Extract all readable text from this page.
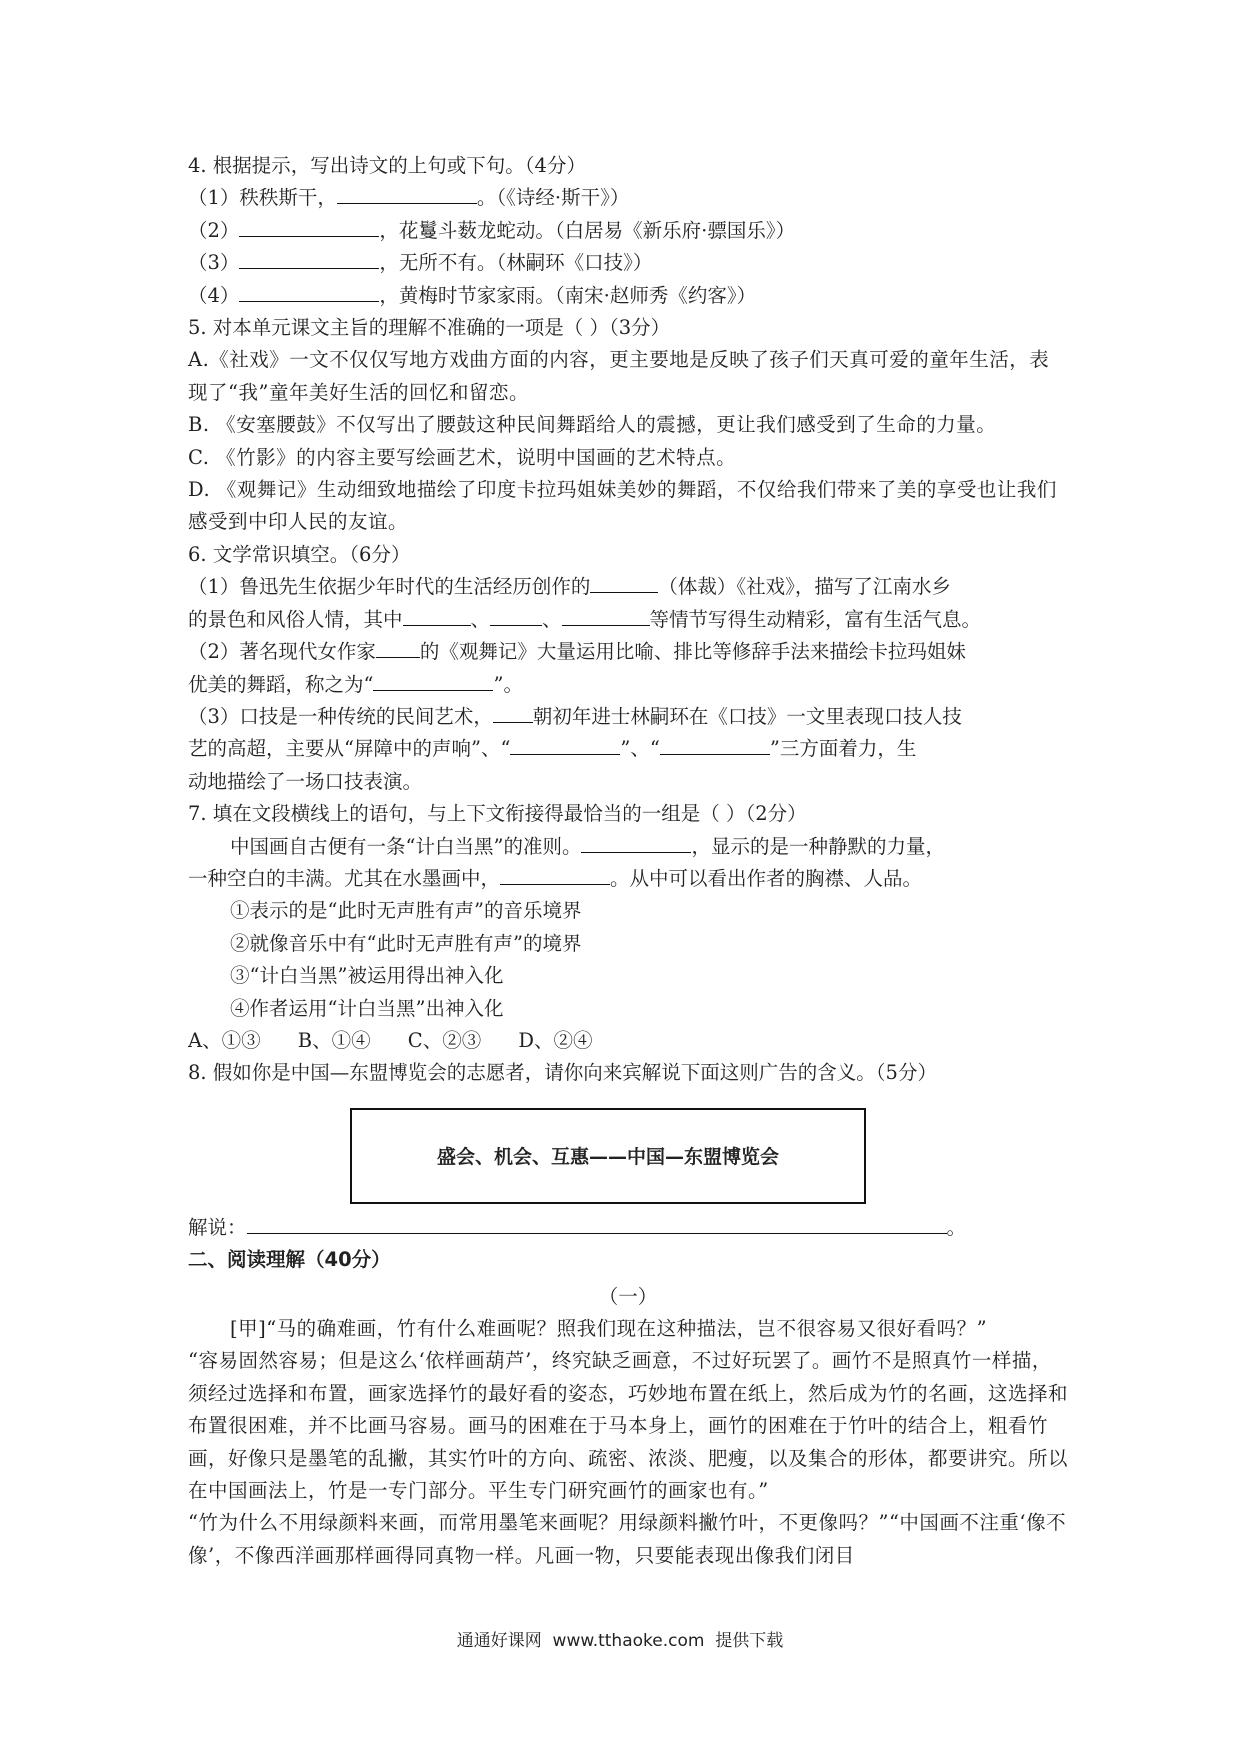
4. 根据提示，写出诗文的上句或下句。（4分）
（1）秩秩斯干，	。（《诗经·斯干》）
（2）	，花鬘斗薮龙蛇动。（白居易《新乐府·骠国乐》）
（3）	，无所不有。（林嗣环《口技》）
（4）	，黄梅时节家家雨。（南宋·赵师秀《约客》）
5. 对本单元课文主旨的理解不准确的一项是（ ）（3分）
A.《社戏》一文不仅仅写地方戏曲方面的内容，更主要地是反映了孩子们天真可爱的童年生活，表现了“我”童年美好生活的回忆和留恋。
B. 《安塞腰鼓》不仅写出了腰鼓这种民间舞蹈给人的震撼，更让我们感受到了生命的力量。
C. 《竹影》的内容主要写绘画艺术，说明中国画的艺术特点。
D. 《观舞记》生动细致地描绘了印度卡拉玛姐妹美妙的舞蹈，不仅给我们带来了美的享受也让我们感受到中印人民的友谊。
6. 文学常识填空。（6分）
（1）鲁迅先生依据少年时代的生活经历创作的	（体裁）《社戏》，描写了江南水乡
的景色和风俗人情，其中	、	、	等情节写得生动精彩，富有生活气息。
（2）著名现代女作家 的《观舞记》大量运用比喻、排比等修辞手法来描绘卡拉玛姐妹
优美的舞蹈，称之为“	”。
（3）口技是一种传统的民间艺术， 朝初年进士林嗣环在《口技》一文里表现口技人技
艺的高超，主要从“屏障中的声响”、“	”、“	”三方面着力，生
动地描绘了一场口技表演。
7. 填在文段横线上的语句，与上下文衔接得最恰当的一组是（ ）（2分）
中国画自古便有一条“计白当黑”的准则。	，显示的是一种静默的力量，
一种空白的丰满。尤其在水墨画中，	。从中可以看出作者的胸襟、人品。
①表示的是“此时无声胜有声”的音乐境界
②就像音乐中有“此时无声胜有声”的境界
③“计白当黑”被运用得出神入化
④作者运用“计白当黑”出神入化
A、①③      B、①④      C、②③      D、②④
8. 假如你是中国—东盟博览会的志愿者，请你向来宾解说下面这则广告的含义。（5分）
盛会、机会、互惠——中国—东盟博览会
解说：	。
二、阅读理解（40分）
（一）
[甲]“马的确难画，竹有什么难画呢？照我们现在这种描法，岂不很容易又很好看吗？”
“容易固然容易；但是这么‘依样画葫芦’，终究缺乏画意，不过好玩罢了。画竹不是照真竹一样描，须经过选择和布置，画家选择竹的最好看的姿态，巧妙地布置在纸上，然后成为竹的名画，这选择和布置很困难，并不比画马容易。画马的困难在于马本身上，画竹的困难在于竹叶的结合上，粗看竹画，好像只是墨笔的乱撇，其实竹叶的方向、疏密、浓淡、肥瘦，以及集合的形体，都要讲究。所以在中国画法上，竹是一专门部分。平生专门研究画竹的画家也有。”
“竹为什么不用绿颜料来画，而常用墨笔来画呢？用绿颜料撇竹叶，不更像吗？”“中国画不注重‘像不像’，不像西洋画那样画得同真物一样。凡画一物，只要能表现出像我们闭目
通通好课网  www.tthaoke.com  提供下载
